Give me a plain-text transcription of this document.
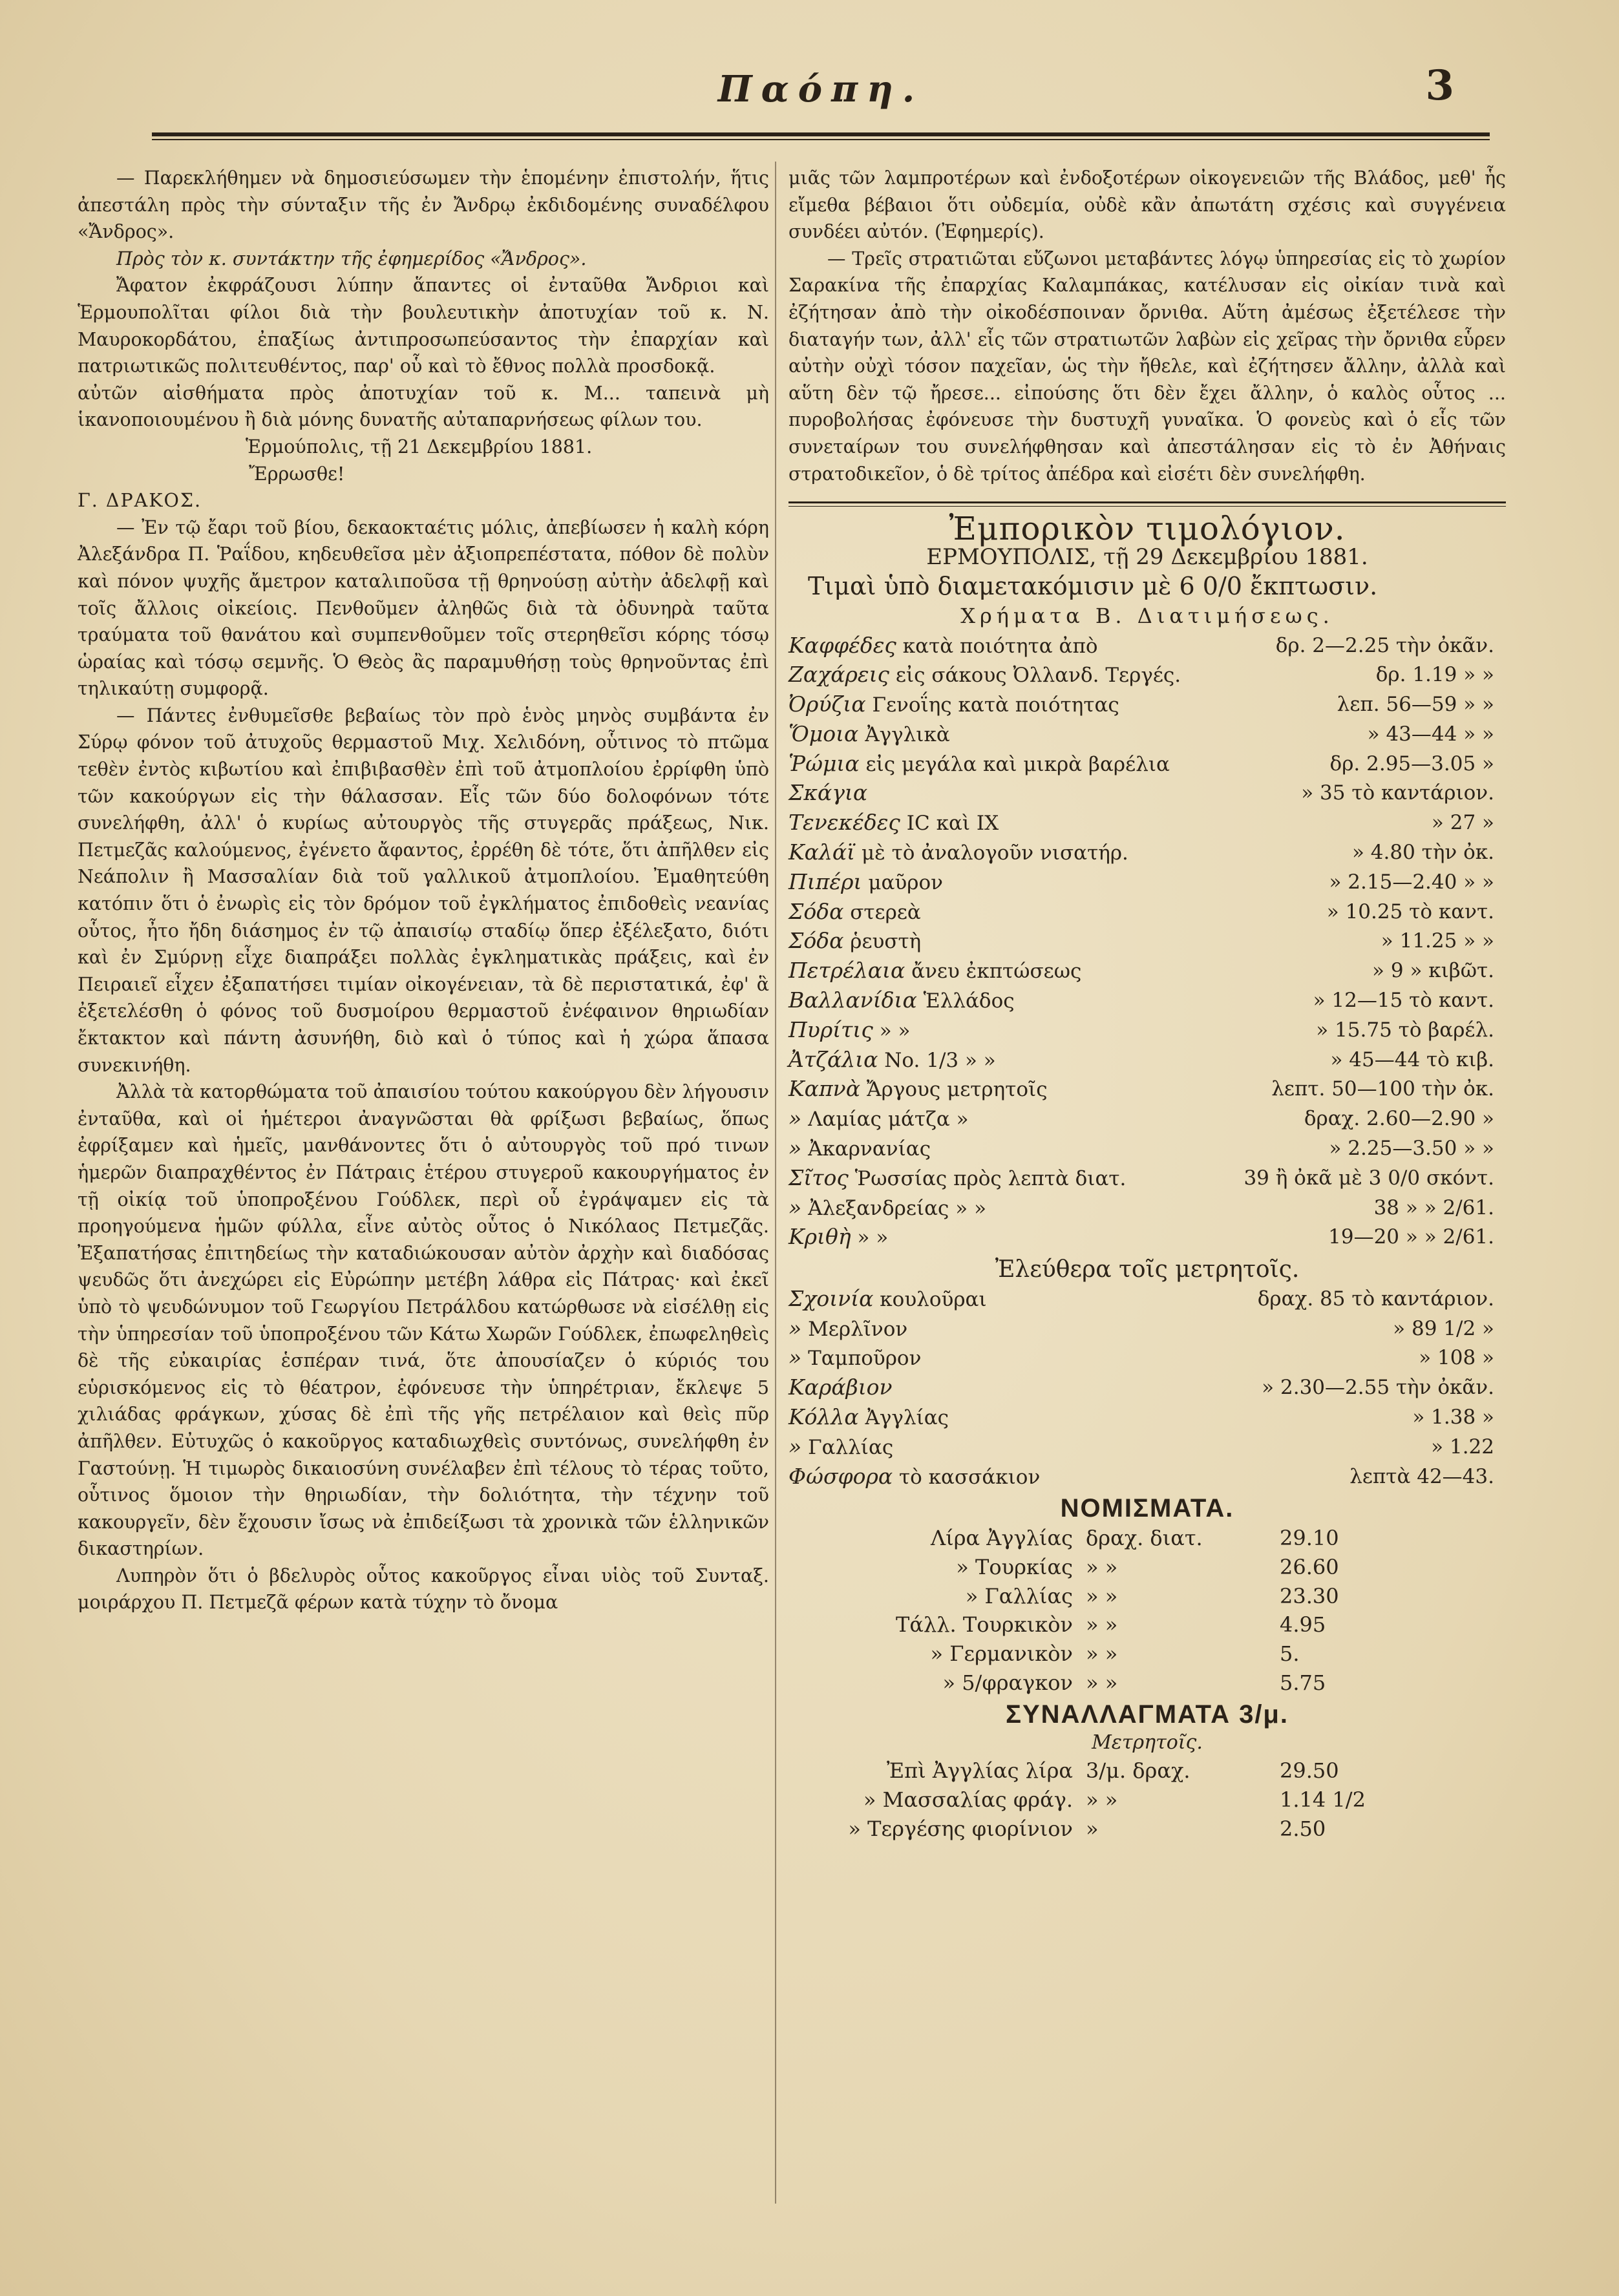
Παόπη.	3

— Παρεκλήθημεν νὰ δημοσιεύσωμεν τὴν ἑπομένην ἐπιστολήν, ἥτις ἀπεστάλη πρὸς τὴν σύνταξιν τῆς ἐν Ἄνδρῳ ἐκδιδομένης συναδέλφου «Ἄνδρος».

Πρὸς τὸν κ. συντάκτην τῆς ἐφημερίδος «Ἄνδρος».

Ἄφατον ἐκφράζουσι λύπην ἅπαντες οἱ ἐνταῦθα Ἄνδριοι καὶ Ἑρμουπολῖται φίλοι διὰ τὴν βουλευτικὴν ἀποτυχίαν τοῦ κ. Ν. Μαυροκορδάτου, ἐπαξίως ἀντιπροσωπεύσαντος τὴν ἐπαρχίαν καὶ πατριωτικῶς πολιτευθέντος, παρ' οὗ καὶ τὸ ἔθνος πολλὰ προσδοκᾷ.

αὐτῶν αἰσθήματα πρὸς ἀποτυχίαν τοῦ κ. Μ... ταπεινὰ μὴ ἱκανοποιουμένου ἢ διὰ μόνης δυνατῆς αὐταπαρνήσεως φίλων του.

Ἑρμούπολις, τῇ 21 Δεκεμβρίου 1881.

Ἔρρωσθε!

Γ. ΔΡΑΚΟΣ.

— Ἐν τῷ ἔαρι τοῦ βίου, δεκαοκταέτις μόλις, ἀπεβίωσεν ἡ καλὴ κόρη Ἀλεξάνδρα Π. Ῥαΐδου, κηδευθεῖσα μὲν ἀξιοπρεπέστατα, πόθον δὲ πολὺν καὶ πόνον ψυχῆς ἄμετρον καταλιποῦσα τῇ θρηνούσῃ αὐτὴν ἀδελφῇ καὶ τοῖς ἄλλοις οἰκείοις. Πενθοῦμεν ἀληθῶς διὰ τὰ ὀδυνηρὰ ταῦτα τραύματα τοῦ θανάτου καὶ συμπενθοῦμεν τοῖς στερηθεῖσι κόρης τόσῳ ὡραίας καὶ τόσῳ σεμνῆς. Ὁ Θεὸς ἂς παραμυθήσῃ τοὺς θρηνοῦντας ἐπὶ τηλικαύτῃ συμφορᾷ.

— Πάντες ἐνθυμεῖσθε βεβαίως τὸν πρὸ ἑνὸς μηνὸς συμβάντα ἐν Σύρῳ φόνον τοῦ ἀτυχοῦς θερμαστοῦ Μιχ. Χελιδόνη, οὗτινος τὸ πτῶμα τεθὲν ἐντὸς κιβωτίου καὶ ἐπιβιβασθὲν ἐπὶ τοῦ ἀτμοπλοίου ἐρρίφθη ὑπὸ τῶν κακούργων εἰς τὴν θάλασσαν. Εἷς τῶν δύο δολοφόνων τότε συνελήφθη, ἀλλ' ὁ κυρίως αὐτουργὸς τῆς στυγερᾶς πράξεως, Νικ. Πετμεζᾶς καλούμενος, ἐγένετο ἄφαντος, ἐρρέθη δὲ τότε, ὅτι ἀπῆλθεν εἰς Νεάπολιν ἢ Μασσαλίαν διὰ τοῦ γαλλικοῦ ἀτμοπλοίου. Ἐμαθητεύθη κατόπιν ὅτι ὁ ἐνωρὶς εἰς τὸν δρόμον τοῦ ἐγκλήματος ἐπιδοθεὶς νεανίας οὗτος, ἦτο ἤδη διάσημος ἐν τῷ ἀπαισίῳ σταδίῳ ὅπερ ἐξέλεξατο, διότι καὶ ἐν Σμύρνῃ εἶχε διαπράξει πολλὰς ἐγκληματικὰς πράξεις, καὶ ἐν Πειραιεῖ εἶχεν ἐξαπατήσει τιμίαν οἰκογένειαν, τὰ δὲ περιστατικά, ἐφ' ἃ ἐξετελέσθη ὁ φόνος τοῦ δυσμοίρου θερμαστοῦ ἐνέφαινον θηριωδίαν ἔκτακτον καὶ πάντη ἀσυνήθη, διὸ καὶ ὁ τύπος καὶ ἡ χώρα ἅπασα συνεκινήθη.

Ἀλλὰ τὰ κατορθώματα τοῦ ἀπαισίου τούτου κακούργου δὲν λήγουσιν ἐνταῦθα, καὶ οἱ ἡμέτεροι ἀναγνῶσται θὰ φρίξωσι βεβαίως, ὅπως ἐφρίξαμεν καὶ ἡμεῖς, μανθάνοντες ὅτι ὁ αὐτουργὸς τοῦ πρό τινων ἡμερῶν διαπραχθέντος ἐν Πάτραις ἑτέρου στυγεροῦ κακουργήματος ἐν τῇ οἰκίᾳ τοῦ ὑποπροξένου Γούδλεκ, περὶ οὗ ἐγράψαμεν εἰς τὰ προηγούμενα ἡμῶν φύλλα, εἶνε αὐτὸς οὗτος ὁ Νικόλαος Πετμεζᾶς. Ἐξαπατήσας ἐπιτηδείως τὴν καταδιώκουσαν αὐτὸν ἀρχὴν καὶ διαδόσας ψευδῶς ὅτι ἀνεχώρει εἰς Εὐρώπην μετέβη λάθρα εἰς Πάτρας· καὶ ἐκεῖ ὑπὸ τὸ ψευδώνυμον τοῦ Γεωργίου Πετράλδου κατώρθωσε νὰ εἰσέλθῃ εἰς τὴν ὑπηρεσίαν τοῦ ὑποπροξένου τῶν Κάτω Χωρῶν Γούδλεκ, ἐπωφεληθεὶς δὲ τῆς εὐκαιρίας ἑσπέραν τινά, ὅτε ἀπουσίαζεν ὁ κύριός του εὑρισκόμενος εἰς τὸ θέατρον, ἐφόνευσε τὴν ὑπηρέτριαν, ἔκλεψε 5 χιλιάδας φράγκων, χύσας δὲ ἐπὶ τῆς γῆς πετρέλαιον καὶ θεὶς πῦρ ἀπῆλθεν. Εὐτυχῶς ὁ κακοῦργος καταδιωχθεὶς συντόνως, συνελήφθη ἐν Γαστούνῃ. Ἡ τιμωρὸς δικαιοσύνη συνέλαβεν ἐπὶ τέλους τὸ τέρας τοῦτο, οὗτινος ὅμοιον τὴν θηριωδίαν, τὴν δολιότητα, τὴν τέχνην τοῦ κακουργεῖν, δὲν ἔχουσιν ἴσως νὰ ἐπιδείξωσι τὰ χρονικὰ τῶν ἑλληνικῶν δικαστηρίων.

Λυπηρὸν ὅτι ὁ βδελυρὸς οὗτος κακοῦργος εἶναι υἱὸς τοῦ Συνταξ. μοιράρχου Π. Πετμεζᾶ φέρων κατὰ τύχην τὸ ὄνομα

μιᾶς τῶν λαμπροτέρων καὶ ἐνδοξοτέρων οἰκογενειῶν τῆς Βλάδος, μεθ' ἧς εἴμεθα βέβαιοι ὅτι οὐδεμία, οὐδὲ κἂν ἀπωτάτη σχέσις καὶ συγγένεια συνδέει αὐτόν. (Ἐφημερίς).

— Τρεῖς στρατιῶται εὔζωνοι μεταβάντες λόγῳ ὑπηρεσίας εἰς τὸ χωρίον Σαρακίνα τῆς ἐπαρχίας Καλαμπάκας, κατέλυσαν εἰς οἰκίαν τινὰ καὶ ἐζήτησαν ἀπὸ τὴν οἰκοδέσποιναν ὄρνιθα. Αὕτη ἀμέσως ἐξετέλεσε τὴν διαταγήν των, ἀλλ' εἷς τῶν στρατιωτῶν λαβὼν εἰς χεῖρας τὴν ὄρνιθα εὗρεν αὐτὴν οὐχὶ τόσον παχεῖαν, ὡς τὴν ἤθελε, καὶ ἐζήτησεν ἄλλην, ἀλλὰ καὶ αὕτη δὲν τῷ ἤρεσε... εἰπούσης ὅτι δὲν ἔχει ἄλλην, ὁ καλὸς οὗτος ... πυροβολήσας ἐφόνευσε τὴν δυστυχῆ γυναῖκα. Ὁ φονεὺς καὶ ὁ εἷς τῶν συνεταίρων του συνελήφθησαν καὶ ἀπεστάλησαν εἰς τὸ ἐν Ἀθήναις στρατοδικεῖον, ὁ δὲ τρίτος ἀπέδρα καὶ εἰσέτι δὲν συνελήφθη.

Ἐμπορικὸν τιμολόγιον.
ΕΡΜΟΥΠΟΛΙΣ, τῇ 29 Δεκεμβρίου 1881.
Τιμαὶ ὑπὸ διαμετακόμισιν μὲ 6 0/0 ἔκπτωσιν.
Χρήματα Β. Διατιμήσεως.
Καφφέδες κατὰ ποιότητα ἀπὸ	δρ. 2—2.25 τὴν ὀκᾶν.
Ζαχάρεις εἰς σάκους Ὀλλανδ. Τεργές.	δρ. 1.19 » »
Ὀρύζια Γενοΐης κατὰ ποιότητας	λεπ. 56—59 » »
Ὅμοια Ἀγγλικὰ	» 43—44 » »
Ῥώμια εἰς μεγάλα καὶ μικρὰ βαρέλια	δρ. 2.95—3.05 »
Σκάγια	» 35 τὸ καντάριον.
Τενεκέδες IC καὶ IX	» 27 »
Καλάϊ μὲ τὸ ἀναλογοῦν νισατήρ.	» 4.80 τὴν ὀκ.
Πιπέρι μαῦρον	» 2.15—2.40 » »
Σόδα στερεὰ	» 10.25 τὸ καντ.
Σόδα ῥευστὴ	» 11.25 » »
Πετρέλαια ἄνευ ἐκπτώσεως	» 9 » κιβῶτ.
Βαλλανίδια Ἑλλάδος	» 12—15 τὸ καντ.
Πυρίτις » »	» 15.75 τὸ βαρέλ.
Ἀτζάλια No. 1/3 » »	» 45—44 τὸ κιβ.
Καπνὰ Ἄργους μετρητοῖς	λεπτ. 50—100 τὴν ὀκ.
» Λαμίας μάτζα »	δραχ. 2.60—2.90 »
» Ἀκαρνανίας	» 2.25—3.50 » »
Σῖτος Ῥωσσίας πρὸς λεπτὰ διατ.	39 ἢ ὀκᾶ μὲ 3 0/0 σκόντ.
» Ἀλεξανδρείας » »	38 » » 2/61.
Κριθὴ » »	19—20 » » 2/61.
Ἐλεύθερα τοῖς μετρητοῖς.
Σχοινία κουλοῦραι	δραχ. 85 τὸ καντάριον.
» Μερλῖνον	» 89 1/2 »
» Ταμποῦρον	» 108 »
Καράβιον	» 2.30—2.55 τὴν ὀκᾶν.
Κόλλα Ἀγγλίας	» 1.38 »
» Γαλλίας	» 1.22
Φώσφορα τὸ κασσάκιον	λεπτὰ 42—43.
ΝΟΜΙΣΜΑΤΑ.
Λίρα Ἀγγλίας δραχ. διατ.	29.10
» Τουρκίας » »	26.60
» Γαλλίας » »	23.30
Τάλλ. Τουρκικὸν » »	4.95
» Γερμανικὸν » »	5.
» 5/φραγκον » »	5.75
ΣΥΝΑΛΛΑΓΜΑΤΑ 3/μ.
Μετρητοῖς.
Ἐπὶ Ἀγγλίας λίρα 3/μ. δραχ.	29.50
» Μασσαλίας φράγ. » »	1.14 1/2
» Τεργέσης φιορίνιον »	2.50
